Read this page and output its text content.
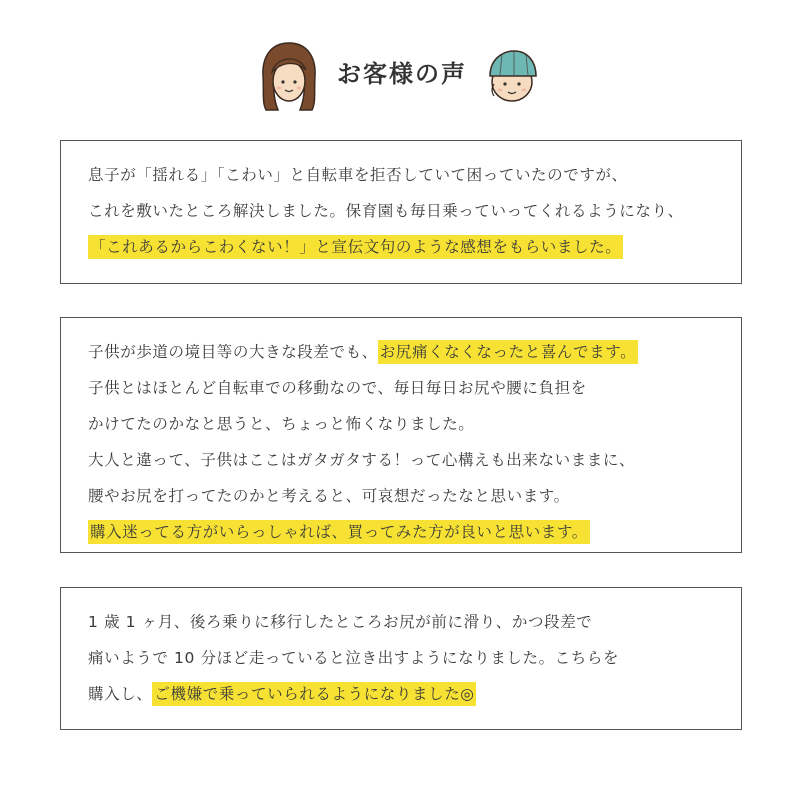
お客様の声
息子が「揺れる」「こわい」と自転車を拒否していて困っていたのですが、
これを敷いたところ解決しました。保育園も毎日乗っていってくれるようになり、
「これあるからこわくない！」と宣伝文句のような感想をもらいました。
子供が歩道の境目等の大きな段差でも、 お尻痛くなくなったと喜んでます。
子供とはほとんど自転車での移動なので、毎日毎日お尻や腰に負担を
かけてたのかなと思うと、ちょっと怖くなりました。
大人と違って、子供はここはガタガタする！って心構えも出来ないままに、
腰やお尻を打ってたのかと考えると、可哀想だったなと思います。
購入迷ってる方がいらっしゃれば、買ってみた方が良いと思います。
1 歳 1 ヶ月、後ろ乗りに移行したところお尻が前に滑り、かつ段差で
痛いようで 10 分ほど走っていると泣き出すようになりました。こちらを
購入し、 ご機嫌で乗っていられるようになりました◎
